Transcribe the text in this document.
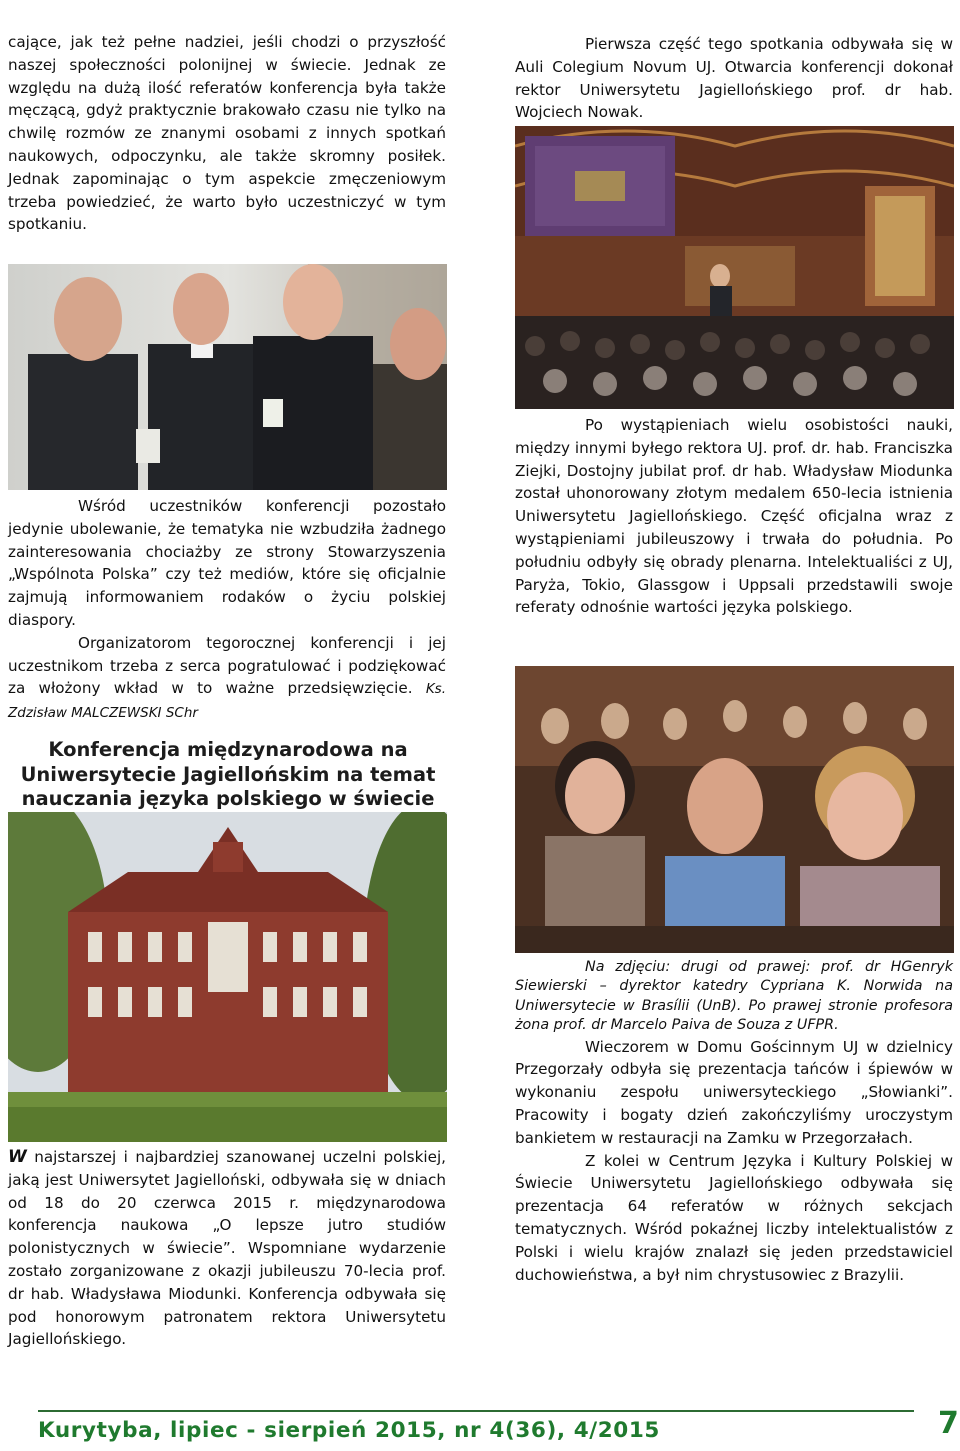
cające, jak też pełne nadziei, jeśli chodzi o przyszłość naszej społeczności polonijnej w świecie. Jednak ze względu na dużą ilość referatów konferencja była także męczącą, gdyż praktycznie brakowało czasu nie tylko na chwilę rozmów ze znanymi osobami z innych spotkań naukowych, odpoczynku, ale także skromny posiłek. Jednak zapominając o tym aspekcie zmęczeniowym trzeba powiedzieć, że warto było uczestniczyć w tym spotkaniu.

Wśród uczestników konferencji pozostało jedynie ubolewanie, że tematyka nie wzbudziła żadnego zainteresowania chociażby ze strony Stowarzyszenia „Wspólnota Polska” czy też mediów, które się oficjalnie zajmują informowaniem rodaków o życiu polskiej diaspory.

Organizatorom tegorocznej konferencji i jej uczestnikom trzeba z serca pogratulować i podziękować za włożony wkład w to ważne przedsięwzięcie. Ks. Zdzisław MALCZEWSKI SChr

Konferencja międzynarodowa na Uniwersytecie Jagiellońskim na temat nauczania języka polskiego w świecie

W najstarszej i najbardziej szanowanej uczelni polskiej, jaką jest Uniwersytet Jagielloński, odbywała się w dniach od 18 do 20 czerwca 2015 r. międzynarodowa konferencja naukowa „O lepsze jutro studiów polonistycznych w świecie”. Wspomniane wydarzenie zostało zorganizowane z okazji jubileuszu 70-lecia prof. dr hab. Władysława Miodunki. Konferencja odbywała się pod honorowym patronatem rektora Uniwersytetu Jagiellońskiego.

Pierwsza część tego spotkania odbywała się w Auli Colegium Novum UJ. Otwarcia konferencji dokonał rektor Uniwersytetu Jagiellońskiego prof. dr hab. Wojciech Nowak.

Po wystąpieniach wielu osobistości nauki, między innymi byłego rektora UJ. prof. dr. hab. Franciszka Ziejki, Dostojny jubilat prof. dr hab. Władysław Miodunka został uhonorowany złotym medalem 650-lecia istnienia Uniwersytetu Jagiellońskiego. Część oficjalna wraz z wystąpieniami jubileuszowy i trwała do południa. Po południu odbyły się obrady plenarna. Intelektualiści z UJ, Paryża, Tokio, Glassgow i Uppsali przedstawili swoje referaty odnośnie wartości języka polskiego.

Na zdjęciu: drugi od prawej: prof. dr HGenryk Siewierski – dyrektor katedry Cypriana K. Norwida na Uniwersytecie w Brasílii (UnB). Po prawej stronie profesora żona prof. dr Marcelo Paiva de Souza z UFPR.

Wieczorem w Domu Gościnnym UJ w dzielnicy Przegorzały odbyła się prezentacja tańców i śpiewów w wykonaniu zespołu uniwersyteckiego „Słowianki”. Pracowity i bogaty dzień zakończyliśmy uroczystym bankietem w restauracji na Zamku w Przegorzałach.

Z kolei w Centrum Języka i Kultury Polskiej w Świecie Uniwersytetu Jagiellońskiego odbywała się prezentacja 64 referatów w różnych sekcjach tematycznych. Wśród pokaźnej liczby intelektualistów z Polski i wielu krajów znalazł się jeden przedstawiciel duchowieństwa, a był nim chrystusowiec z Brazylii.

Kurytyba, lipiec - sierpień 2015, nr 4(36), 4/2015	7
